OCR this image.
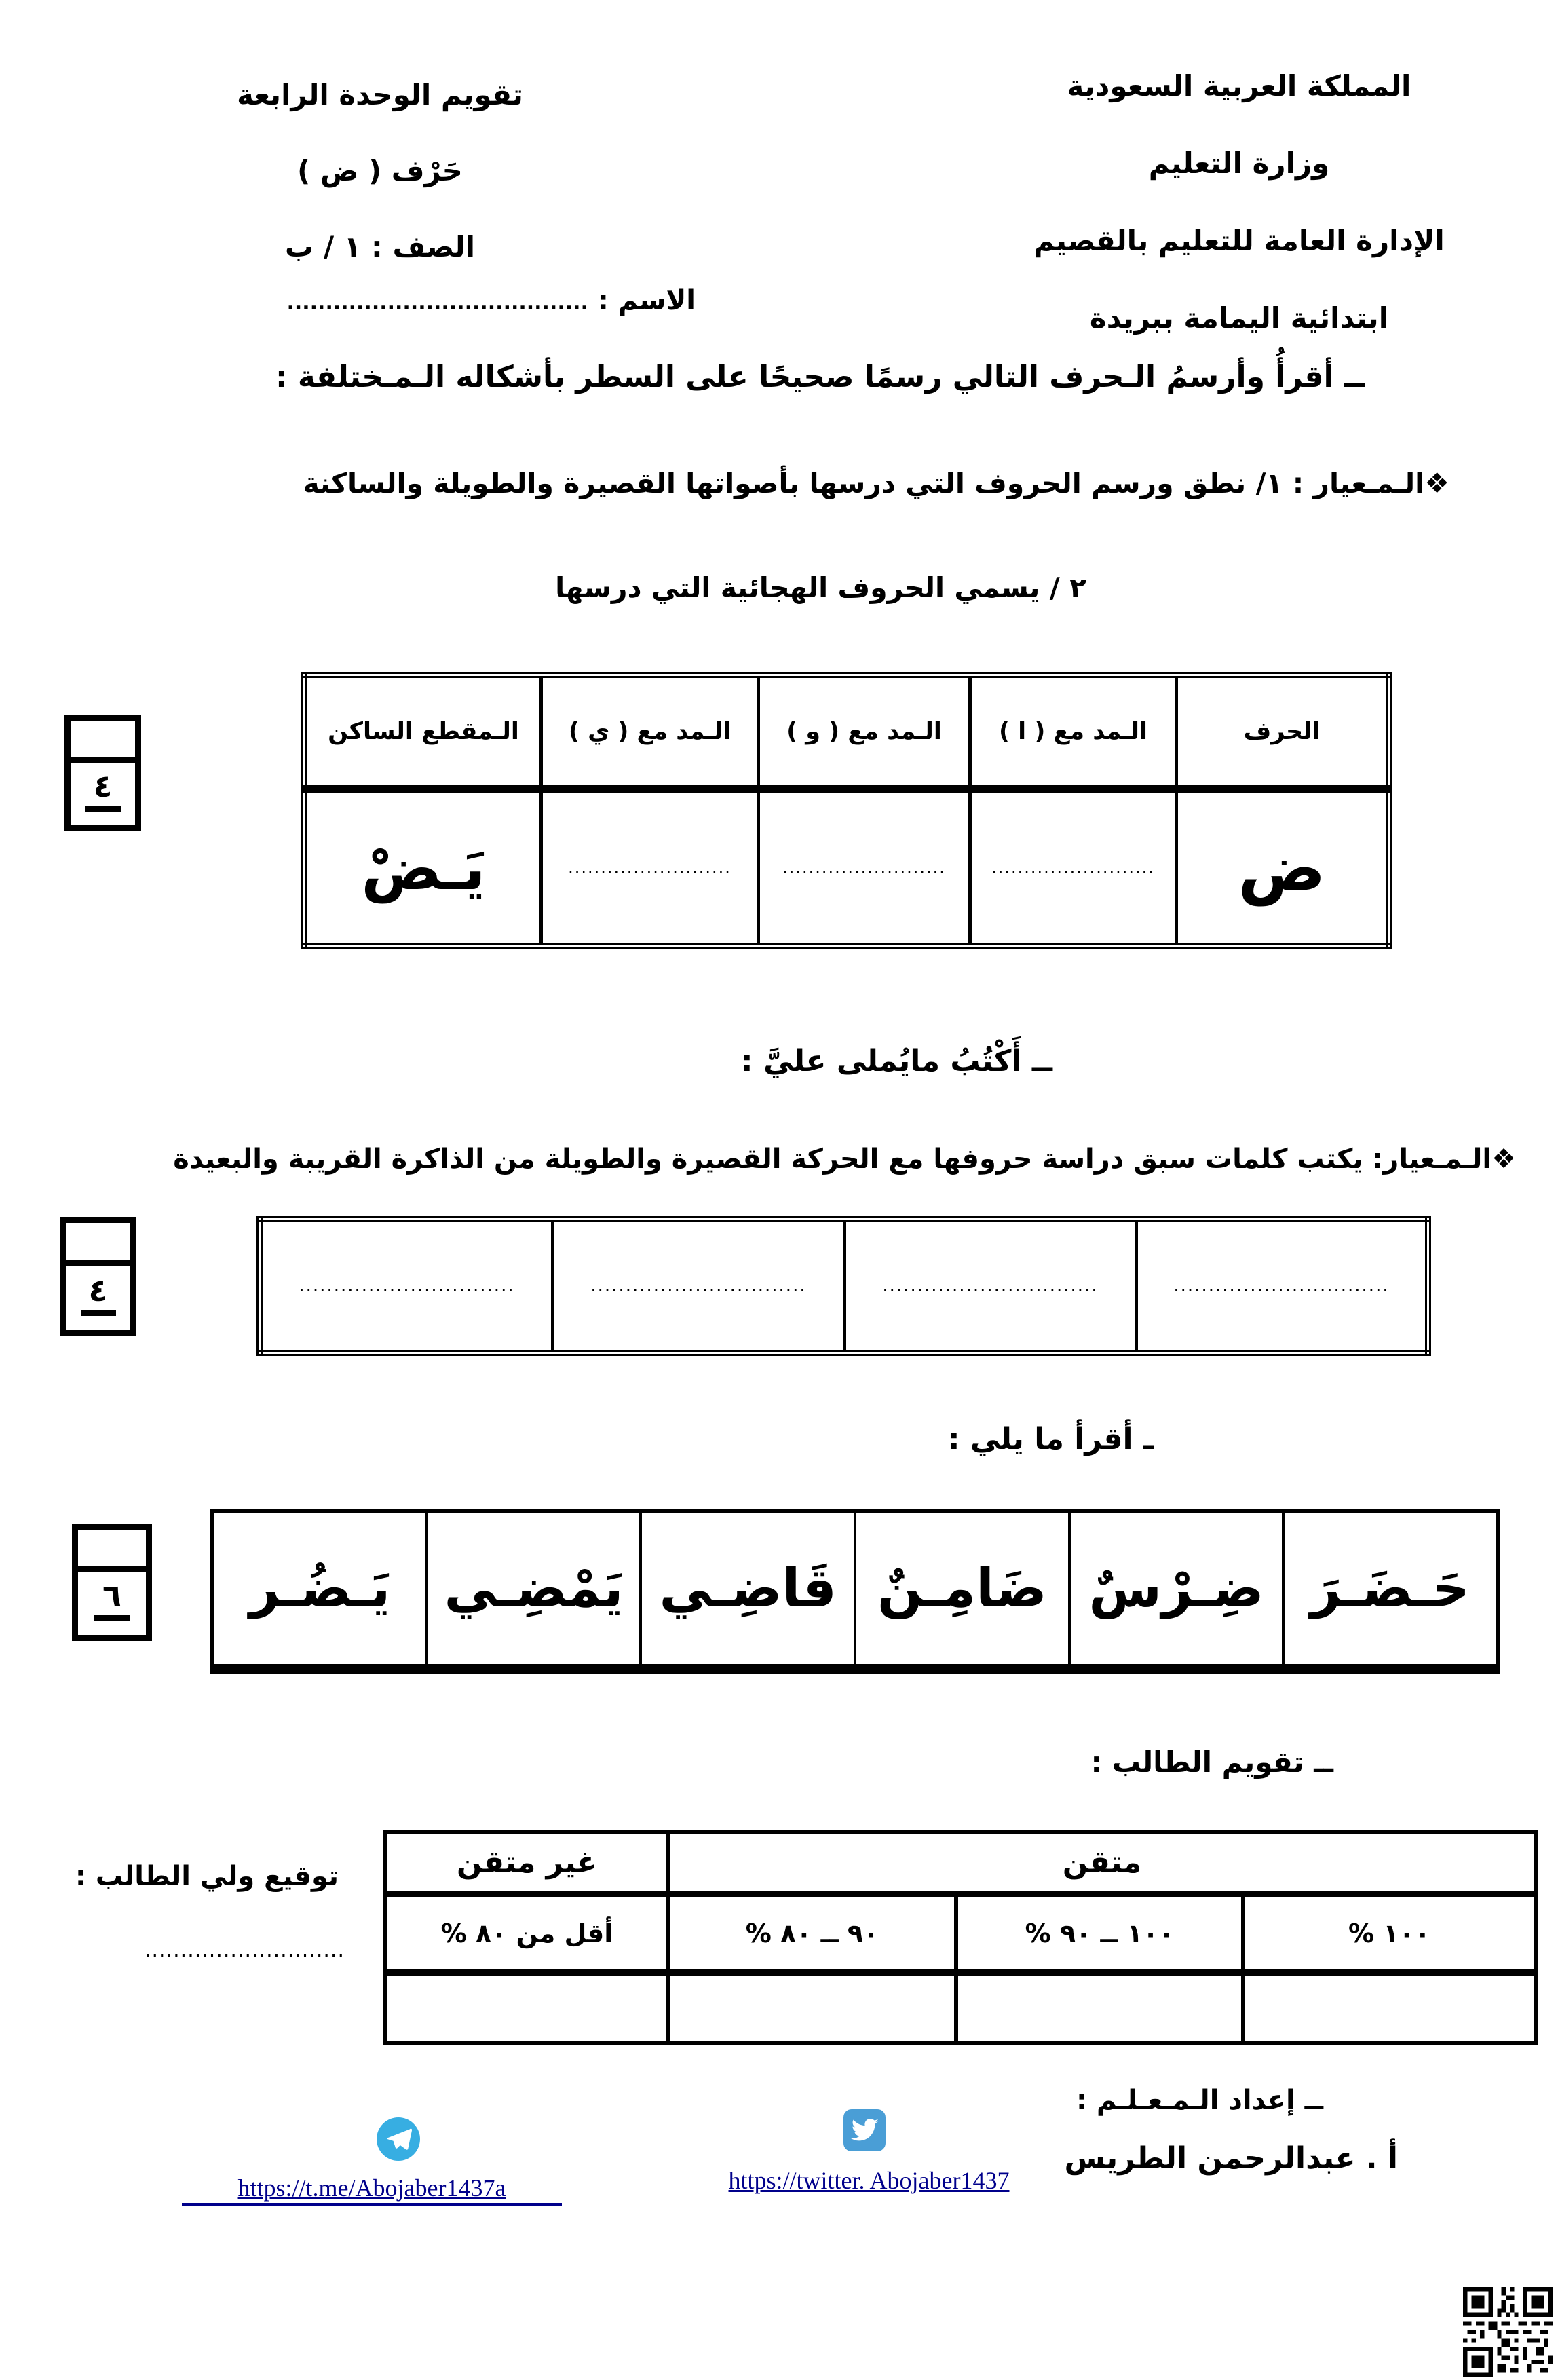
المملكة العربية السعودية
وزارة التعليم
الإدارة العامة للتعليم بالقصيم
ابتدائية اليمامة ببريدة
تقويم الوحدة الرابعة
حَرْف ( ض )
الصف : ١ / ب
الاسم : .......................................
ــ أقرأُ وأرسمُ الـحرف التالي رسمًا صحيحًا على السطر بأشكاله الـمـختلفة :
❖الـمـعيار : ١/ نطق ورسم الحروف التي درسها بأصواتها القصيرة والطويلة والساكنة
٢ / يسمي الحروف الهجائية التي درسها
الحرف	الـمد مع ( ا )	الـمد مع ( و )	الـمد مع ( ي )	الـمقطع الساكن
ض	.........................	.........................	.........................	يَـضْ
٤
ــ أَكْتُبُ مايُملى عليَّ :
❖الـمـعيار: يكتب كلمات سبق دراسة حروفها مع الحركة القصيرة والطويلة من الذاكرة القريبة والبعيدة
...............................	...............................	...............................	...............................
٤
ـ أقرأ ما يلي :
حَـضَـرَ	ضِـرْسٌ	ضَامِـنٌ	قَاضِـي	يَمْضِـي	يَـضُـر
٦
ــ تقويم الطالب :
متقن			غير متقن
١٠٠ %	١٠٠ ــ ٩٠ %	٩٠ ــ ٨٠ %	أقل من ٨٠ %

توقيع ولي الطالب :
............................
ــ إعداد الـمـعـلـم :
أ . عبدالرحمن الطريس
https://twitter. Abojaber1437
https://t.me/Abojaber1437a
